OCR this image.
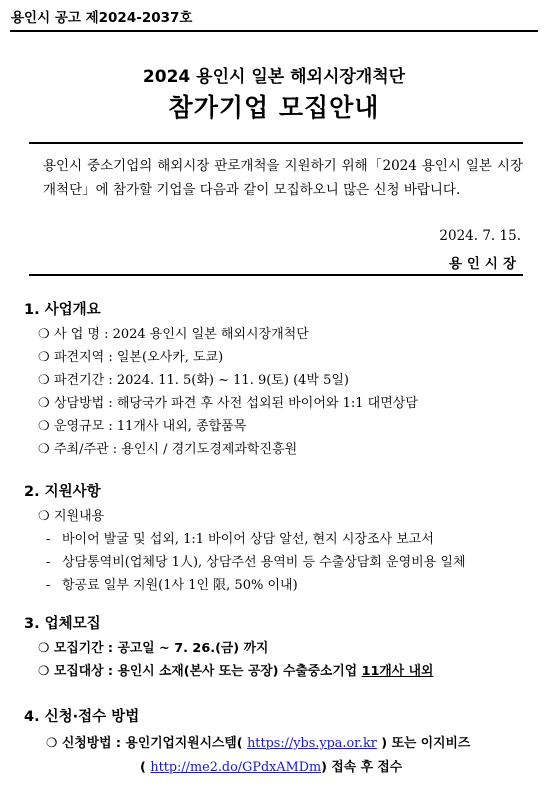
용인시 공고 제2024-2037호
2024 용인시 일본 해외시장개척단
참가기업 모집안내
용인시 중소기업의 해외시장 판로개척을 지원하기 위해「2024 용인시 일본 시장개척단」에 참가할 기업을 다음과 같이 모집하오니 많은 신청 바랍니다.
2024. 7. 15.
용인시장
1. 사업개요
❍ 사 업 명 : 2024 용인시 일본 해외시장개척단
❍ 파견지역 : 일본(오사카, 도쿄)
❍ 파견기간 : 2024. 11. 5(화) ~ 11. 9(토) (4박 5일)
❍ 상담방법 : 해당국가 파견 후 사전 섭외된 바이어와 1:1 대면상담
❍ 운영규모 : 11개사 내외, 종합품목
❍ 주최/주관 : 용인시 / 경기도경제과학진흥원
2. 지원사항
❍ 지원내용
- 바이어 발굴 및 섭외, 1:1 바이어 상담 알선, 현지 시장조사 보고서
- 상담통역비(업체당 1人), 상담주선 용역비 등 수출상담회 운영비용 일체
- 항공료 일부 지원(1사 1인 限, 50% 이내)
3. 업체모집
❍ 모집기간 : 공고일 ~ 7. 26.(금) 까지
❍ 모집대상 : 용인시 소재(본사 또는 공장) 수출중소기업 11개사 내외
4. 신청·접수 방법
❍ 신청방법 : 용인기업지원시스템( https://ybs.ypa.or.kr ) 또는 이지비즈
( http://me2.do/GPdxAMDm) 접속 후 접수
